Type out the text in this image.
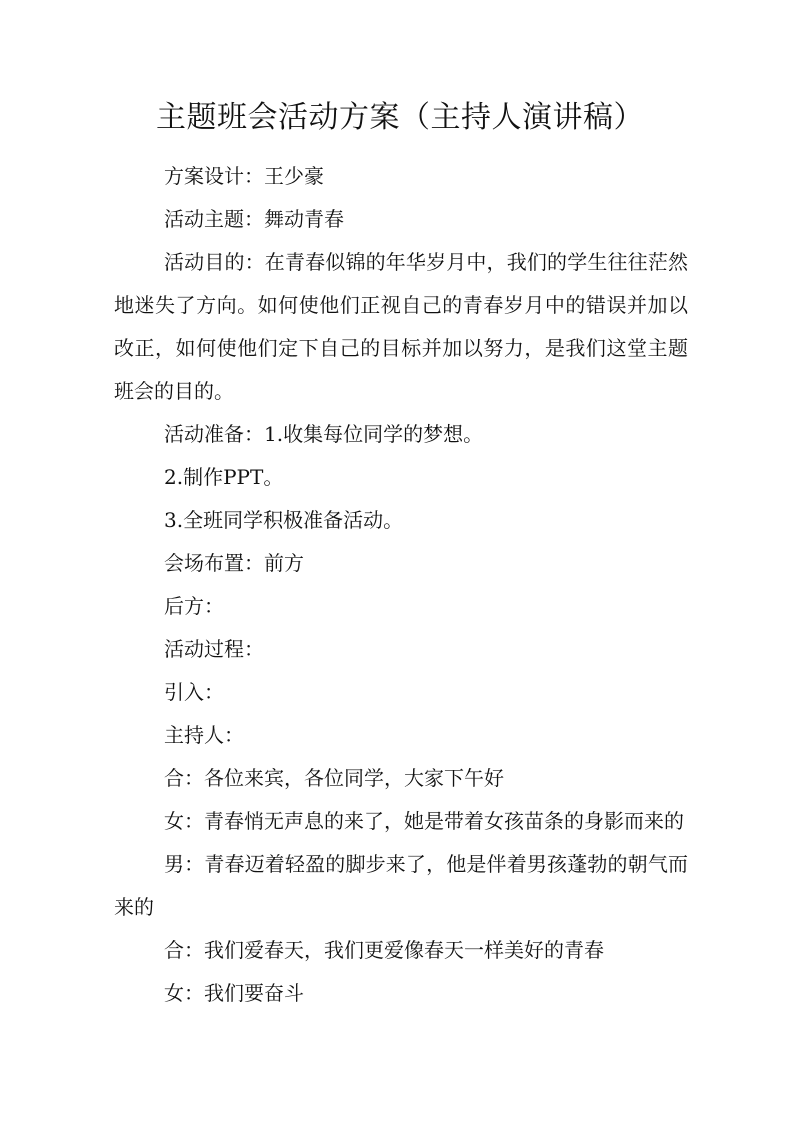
主题班会活动方案（主持人演讲稿）

方案设计：王少豪

活动主题：舞动青春

活动目的：在青春似锦的年华岁月中，我们的学生往往茫然地迷失了方向。如何使他们正视自己的青春岁月中的错误并加以改正，如何使他们定下自己的目标并加以努力，是我们这堂主题班会的目的。

活动准备：1.收集每位同学的梦想。

2.制作PPT。

3.全班同学积极准备活动。

会场布置：前方

后方：

活动过程：

引入：

主持人：

合：各位来宾，各位同学，大家下午好

女：青春悄无声息的来了，她是带着女孩苗条的身影而来的

男：青春迈着轻盈的脚步来了，他是伴着男孩蓬勃的朝气而来的

合：我们爱春天，我们更爱像春天一样美好的青春

女：我们要奋斗
